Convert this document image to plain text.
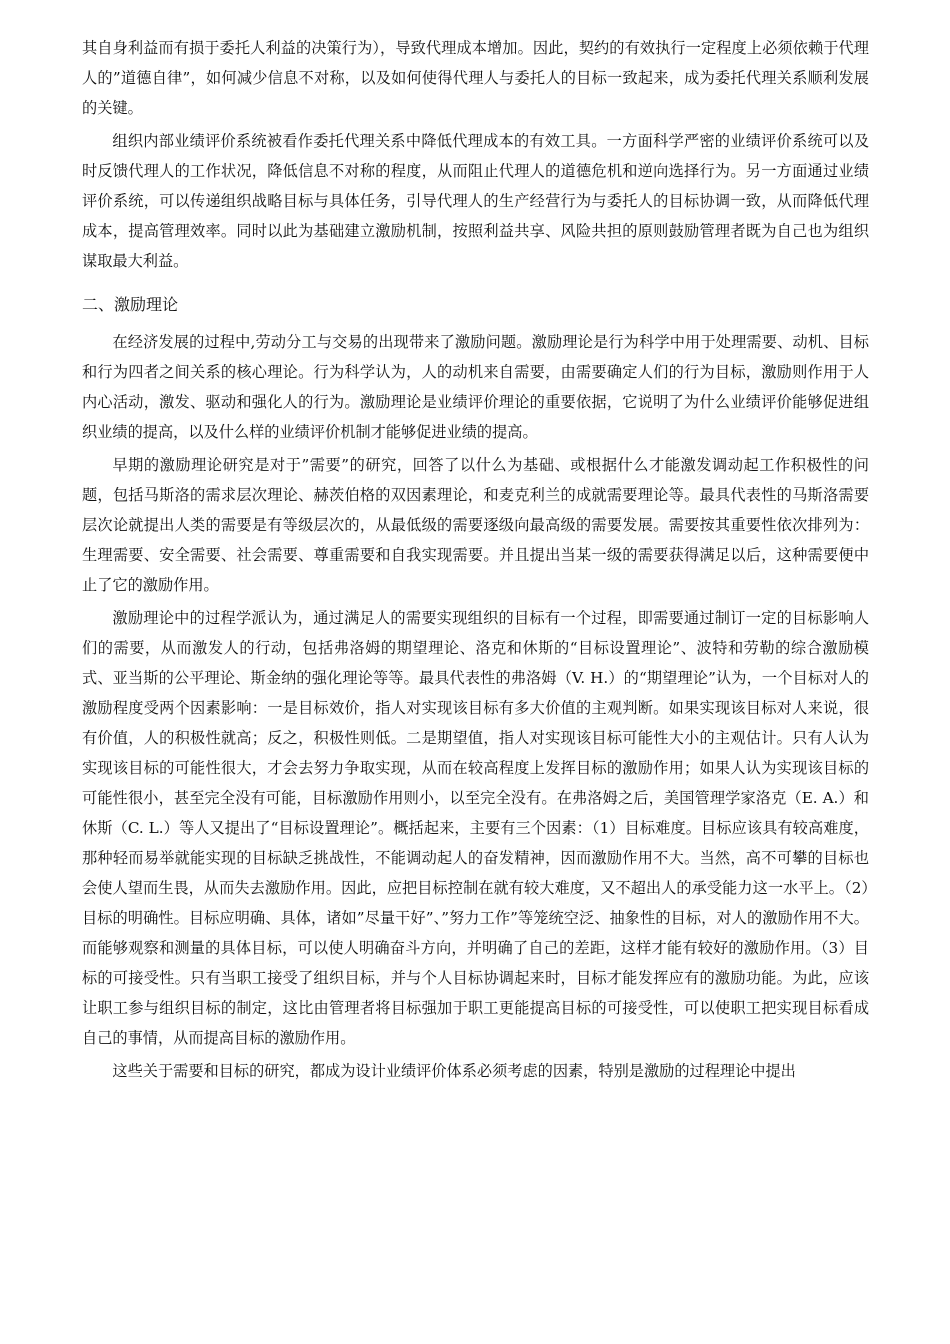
其自身利益而有损于委托人利益的决策行为），导致代理成本增加。因此，契约的有效执行一定程度上必须依赖于代理人的”道德自律”，如何减少信息不对称，以及如何使得代理人与委托人的目标一致起来，成为委托代理关系顺利发展的关键。

组织内部业绩评价系统被看作委托代理关系中降低代理成本的有效工具。一方面科学严密的业绩评价系统可以及时反馈代理人的工作状况，降低信息不对称的程度，从而阻止代理人的道德危机和逆向选择行为。另一方面通过业绩评价系统，可以传递组织战略目标与具体任务，引导代理人的生产经营行为与委托人的目标协调一致，从而降低代理成本，提高管理效率。同时以此为基础建立激励机制，按照利益共享、风险共担的原则鼓励管理者既为自己也为组织谋取最大利益。

二、激励理论

在经济发展的过程中,劳动分工与交易的出现带来了激励问题。激励理论是行为科学中用于处理需要、动机、目标和行为四者之间关系的核心理论。行为科学认为，人的动机来自需要，由需要确定人们的行为目标，激励则作用于人内心活动，激发、驱动和强化人的行为。激励理论是业绩评价理论的重要依据，它说明了为什么业绩评价能够促进组织业绩的提高，以及什么样的业绩评价机制才能够促进业绩的提高。

早期的激励理论研究是对于”需要”的研究，回答了以什么为基础、或根据什么才能激发调动起工作积极性的问题，包括马斯洛的需求层次理论、赫茨伯格的双因素理论，和麦克利兰的成就需要理论等。最具代表性的马斯洛需要层次论就提出人类的需要是有等级层次的，从最低级的需要逐级向最高级的需要发展。需要按其重要性依次排列为：生理需要、安全需要、社会需要、尊重需要和自我实现需要。并且提出当某一级的需要获得满足以后，这种需要便中止了它的激励作用。

激励理论中的过程学派认为，通过满足人的需要实现组织的目标有一个过程，即需要通过制订一定的目标影响人们的需要，从而激发人的行动，包括弗洛姆的期望理论、洛克和休斯的“目标设置理论”、波特和劳勒的综合激励模式、亚当斯的公平理论、斯金纳的强化理论等等。最具代表性的弗洛姆（V. H.）的“期望理论”认为，一个目标对人的激励程度受两个因素影响：一是目标效价，指人对实现该目标有多大价值的主观判断。如果实现该目标对人来说，很有价值，人的积极性就高；反之，积极性则低。二是期望值，指人对实现该目标可能性大小的主观估计。只有人认为实现该目标的可能性很大，才会去努力争取实现，从而在较高程度上发挥目标的激励作用；如果人认为实现该目标的可能性很小，甚至完全没有可能，目标激励作用则小，以至完全没有。在弗洛姆之后，美国管理学家洛克（E. A.）和休斯（C. L.）等人又提出了“目标设置理论”。概括起来，主要有三个因素：（1）目标难度。目标应该具有较高难度，那种轻而易举就能实现的目标缺乏挑战性，不能调动起人的奋发精神，因而激励作用不大。当然，高不可攀的目标也会使人望而生畏，从而失去激励作用。因此，应把目标控制在就有较大难度，又不超出人的承受能力这一水平上。（2）目标的明确性。目标应明确、具体，诸如”尽量干好”、”努力工作”等笼统空泛、抽象性的目标，对人的激励作用不大。而能够观察和测量的具体目标，可以使人明确奋斗方向，并明确了自己的差距，这样才能有较好的激励作用。（3）目标的可接受性。只有当职工接受了组织目标，并与个人目标协调起来时，目标才能发挥应有的激励功能。为此，应该让职工参与组织目标的制定，这比由管理者将目标强加于职工更能提高目标的可接受性，可以使职工把实现目标看成自己的事情，从而提高目标的激励作用。

这些关于需要和目标的研究，都成为设计业绩评价体系必须考虑的因素，特别是激励的过程理论中提出
